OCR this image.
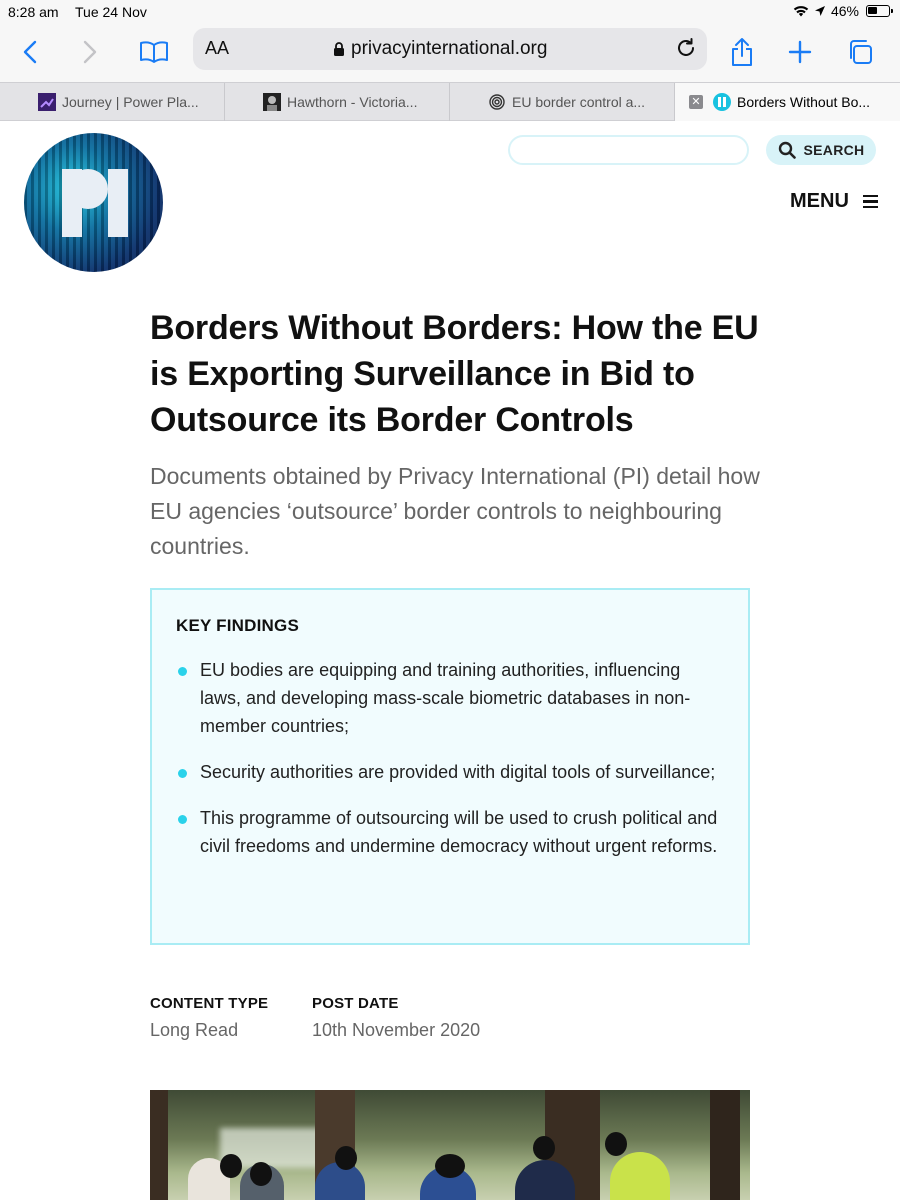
8:28 am Tue 24 Nov	46%
AA	privacyinternational.org
Journey | Power Pla...	Hawthorn - Victoria...	EU border control a...	✕	Borders Without Bo...
SEARCH
MENU
Borders Without Borders: How the EU is Exporting Surveillance in Bid to Outsource its Border Controls

Documents obtained by Privacy International (PI) detail how EU agencies ‘outsource’ border controls to neighbouring countries.

KEY FINDINGS
EU bodies are equipping and training authorities, influencing laws, and developing mass-scale biometric databases in non-member countries;
Security authorities are provided with digital tools of surveillance;
This programme of outsourcing will be used to crush political and civil freedoms and undermine democracy without urgent reforms.
CONTENT TYPE
Long Read
POST DATE
10th November 2020
